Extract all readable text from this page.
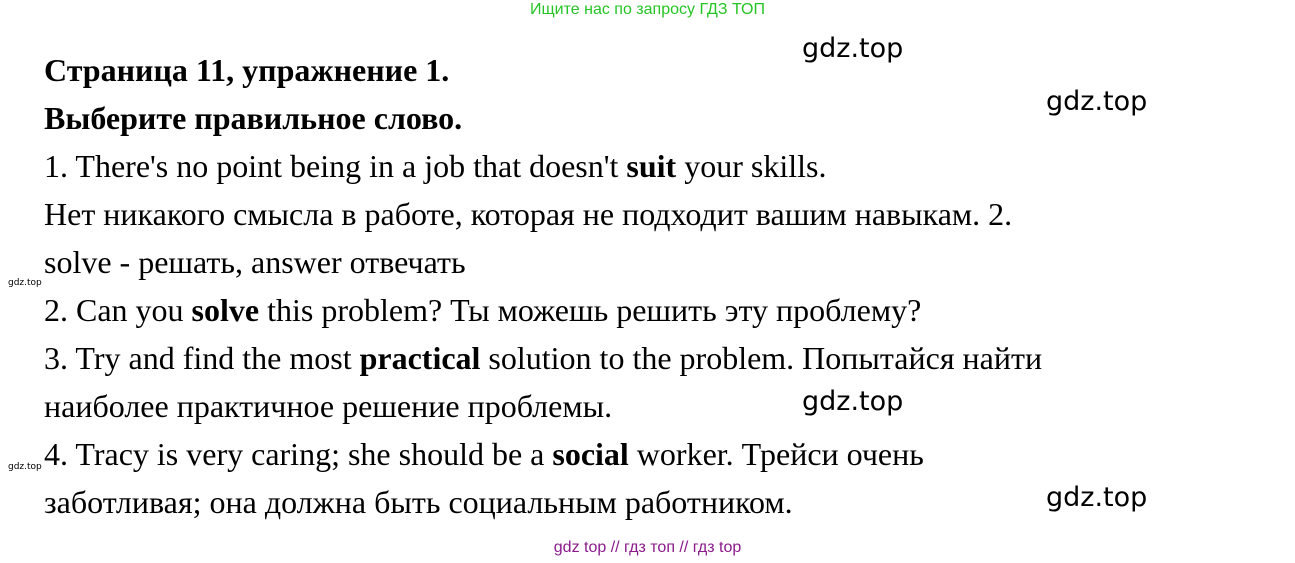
Ищите нас по запросу ГДЗ ТОП
gdz.top
gdz.top
gdz.top
gdz.top
gdz.top
gdz.top
Страница 11, упражнение 1.
Выберите правильное слово.
1. There's no point being in a job that doesn't suit your skills.
Нет никакого смысла в работе, которая не подходит вашим навыкам. 2.
solve - решать, answer отвечать
2. Can you solve this problem? Ты можешь решить эту проблему?
3. Try and find the most practical solution to the problem. Попытайся найти
наиболее практичное решение проблемы.
4. Tracy is very caring; she should be a social worker. Трейси очень
заботливая; она должна быть социальным работником.
gdz top // гдз топ // гдз top
